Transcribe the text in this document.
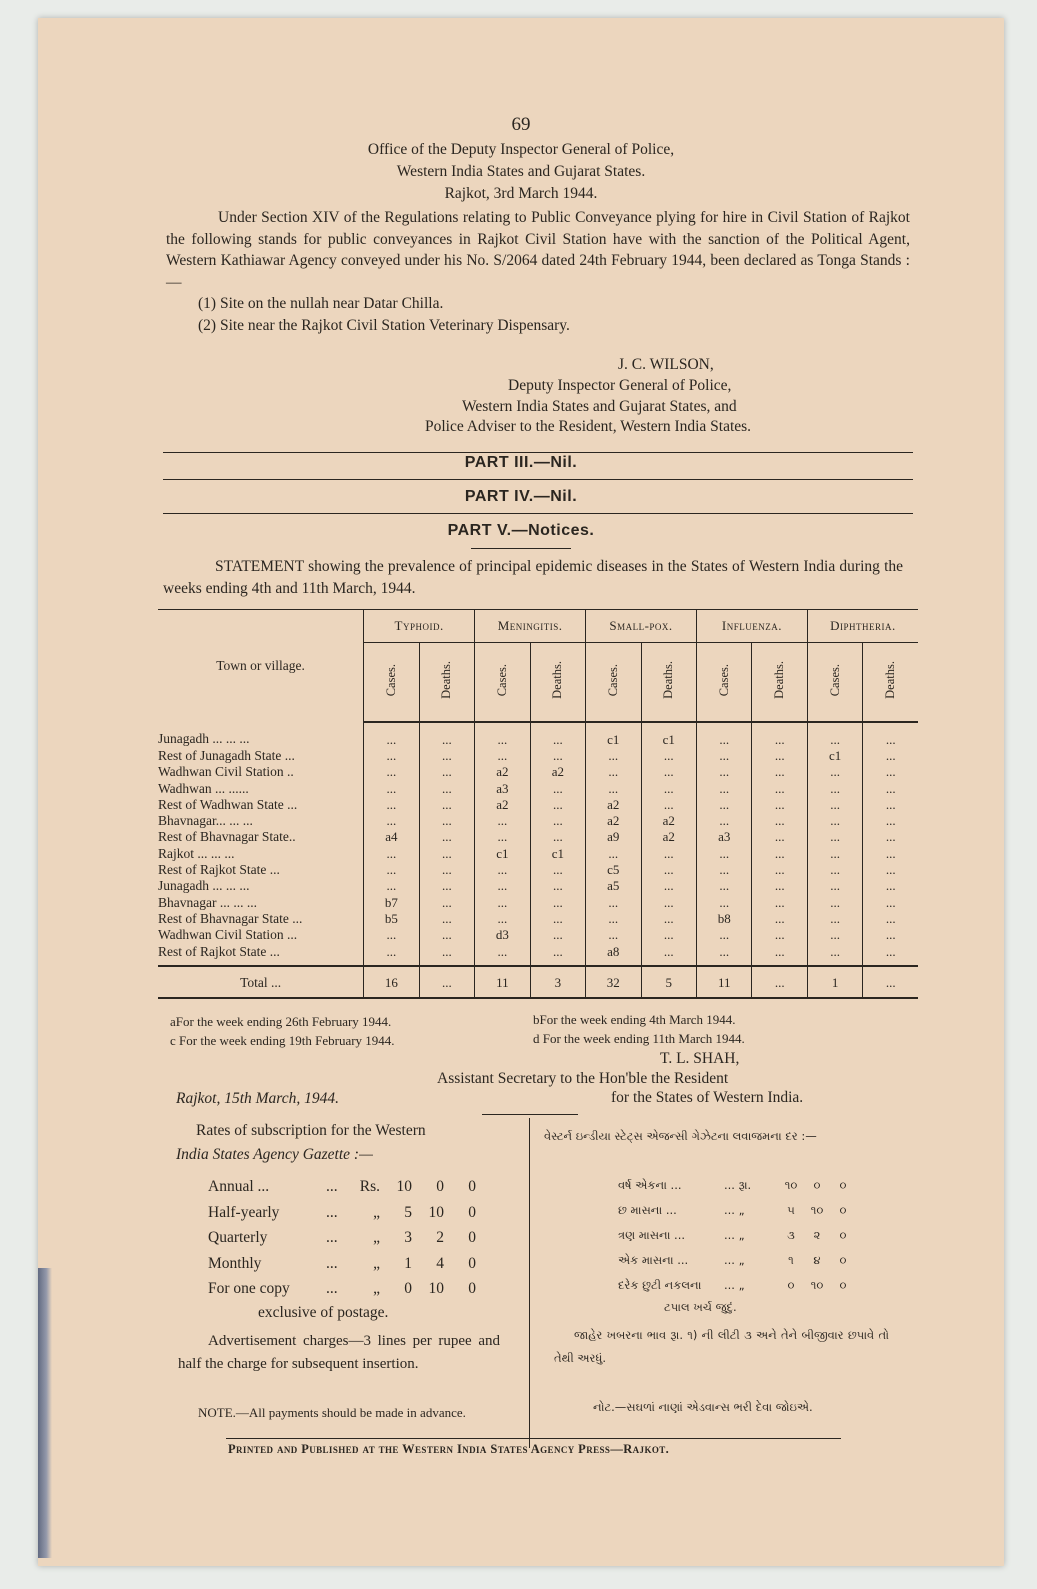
69
Office of the Deputy Inspector General of Police,
Western India States and Gujarat States.
Rajkot, 3rd March 1944.

Under Section XIV of the Regulations relating to Public Conveyance plying for hire in Civil Station of Rajkot the following stands for public conveyances in Rajkot Civil Station have with the sanction of the Political Agent, Western Kathiawar Agency conveyed under his No. S/2064 dated 24th February 1944, been declared as Tonga Stands :—

(1) Site on the nullah near Datar Chilla.
(2) Site near the Rajkot Civil Station Veterinary Dispensary.
J. C. WILSON,
Deputy Inspector General of Police,
Western India States and Gujarat States, and
Police Adviser to the Resident, Western India States.
PART III.—Nil.
PART IV.—Nil.
PART V.—Notices.

STATEMENT showing the prevalence of principal epidemic diseases in the States of Western India during the weeks ending 4th and 11th March, 1944.

Town or village.	Typhoid.		Meningitis.		Small-pox.		Influenza.		Diphtheria.	
	Cases.	Deaths.	Cases.	Deaths.	Cases.	Deaths.	Cases.	Deaths.	Cases.	Deaths.
Junagadh ... ... ...	...	...	...	...	c1	c1	...	...	...	...
Rest of Junagadh State ...	...	...	...	...	...	...	...	...	c1	...
Wadhwan Civil Station ..	...	...	a2	a2	...	...	...	...	...	...
Wadhwan ... ......	...	...	a3	...	...	...	...	...	...	...
Rest of Wadhwan State ...	...	...	a2	...	a2	...	...	...	...	...
Bhavnagar... ... ...	...	...	...	...	a2	a2	...	...	...	...
Rest of Bhavnagar State..	a4	...	...	...	a9	a2	a3	...	...	...
Rajkot ... ... ...	...	...	c1	c1	...	...	...	...	...	...
Rest of Rajkot State ...	...	...	...	...	c5	...	...	...	...	...
Junagadh ... ... ...	...	...	...	...	a5	...	...	...	...	...
Bhavnagar ... ... ...	b7	...	...	...	...	...	...	...	...	...
Rest of Bhavnagar State ...	b5	...	...	...	...	...	b8	...	...	...
Wadhwan Civil Station ...	...	...	d3	...	...	...	...	...	...	...
Rest of Rajkot State ...	...	...	...	...	a8	...	...	...	...	...
Total ...	16	...	11	3	32	5	11	...	1	...
aFor the week ending 26th February 1944.	bFor the week ending 4th March 1944.
c For the week ending 19th February 1944.	d For the week ending 11th March 1944.
T. L. SHAH,
Assistant Secretary to the Hon'ble the Resident
for the States of Western India.
Rajkot, 15th March, 1944.
Rates of subscription for the Western
India States Agency Gazette :—
Annual ...	... Rs. 10 0 0
Half-yearly	... „ 5 10 0
Quarterly	... „ 3 2 0
Monthly	... „ 1 4 0
For one copy ... „ 0 10 0
exclusive of postage.

Advertisement charges—3 lines per rupee and half the charge for subsequent insertion.

NOTE.—All payments should be made in advance.

વેસ્ટર્ન ઇન્ડીયા સ્ટેટ્સ એજન્સી ગેઝેટના લવાજમના દર :—

વર્ષ એકના ...	... રૂા.	૧૦ ૦ ૦
છ માસના ...	... „	૫ ૧૦ ૦
ત્રણ માસના ...	... „	૩ ૨ ૦
એક માસના ...	... „	૧ ૪ ૦
દરેક છુટી નકલના ... „	૦ ૧૦ ૦
ટપાલ ખર્ચ જુદું.

જાહેર ખબરના ભાવ રૂા. ૧) ની લીટી ૩ અને તેને બીજીવાર છપાવે તો તેથી અરધું.

નોટ.—સઘળાં નાણાં એડવાન્સ ભરી દેવા જોઇએ.
Printed and Published at the Western India States Agency Press—Rajkot.
